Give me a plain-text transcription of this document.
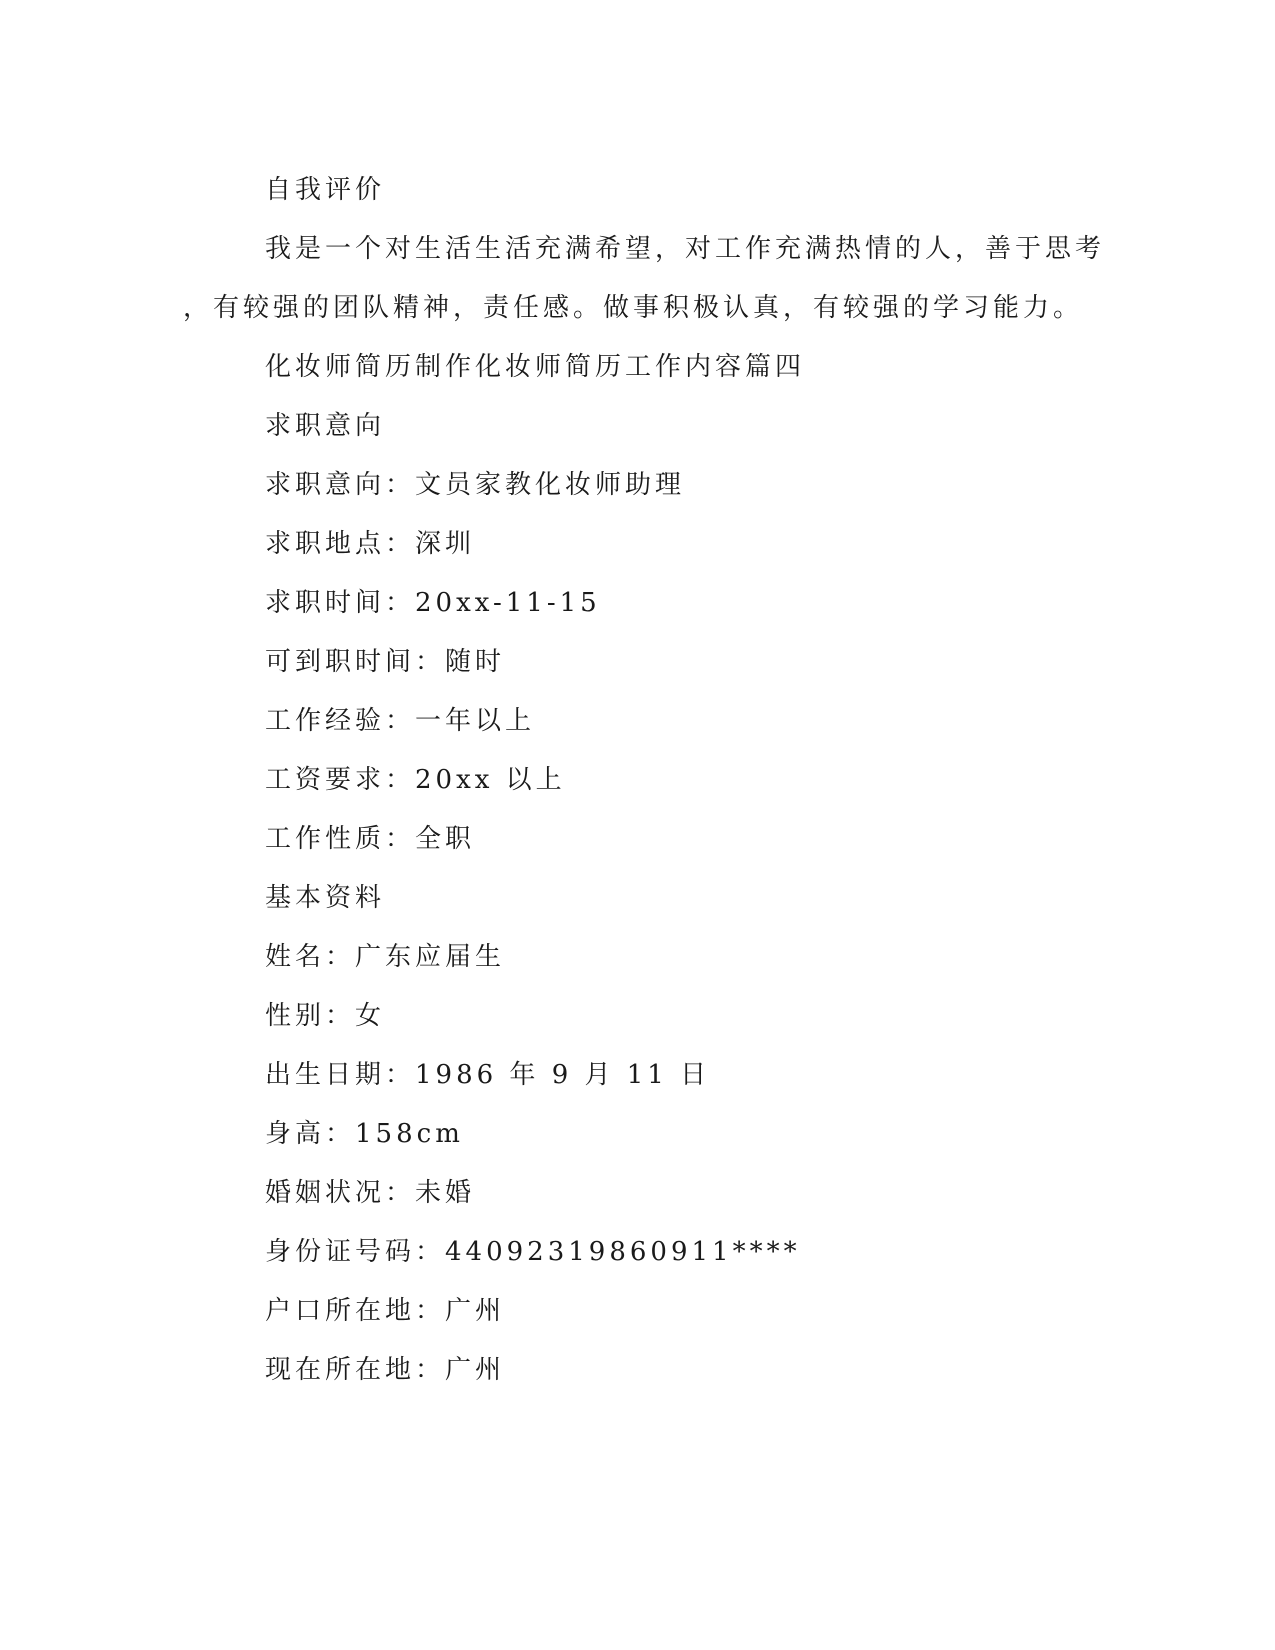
自我评价
我是一个对生活生活充满希望，对工作充满热情的人，善于思考
，有较强的团队精神，责任感。做事积极认真，有较强的学习能力。
化妆师简历制作化妆师简历工作内容篇四
求职意向
求职意向：文员家教化妆师助理
求职地点：深圳
求职时间：20xx-11-15
可到职时间：随时
工作经验：一年以上
工资要求：20xx 以上
工作性质：全职
基本资料
姓名：广东应届生
性别：女
出生日期：1986 年 9 月 11 日
身高：158cm
婚姻状况：未婚
身份证号码：44092319860911****
户口所在地：广州
现在所在地：广州
